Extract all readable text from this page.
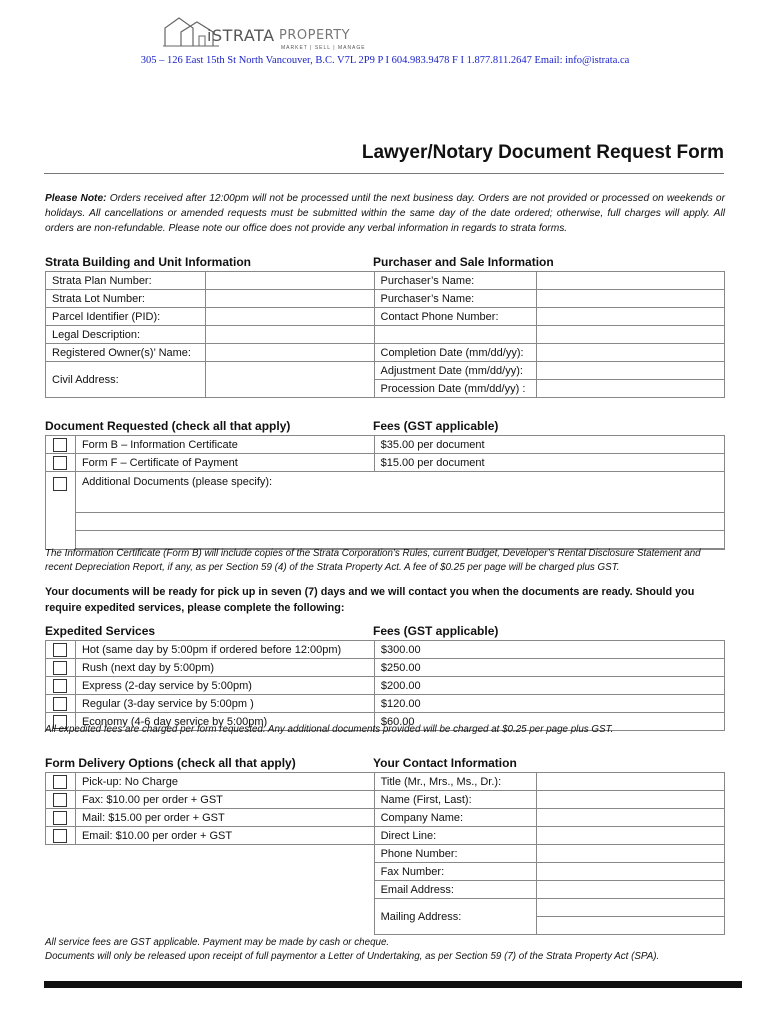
iSTRATA PROPERTY
MARKET | SELL | MANAGE
305 – 126 East 15th St North Vancouver, B.C. V7L 2P9 P I 604.983.9478 F I 1.877.811.2647 Email: info@istrata.ca
Lawyer/Notary Document Request Form
Please Note: Orders received after 12:00pm will not be processed until the next business day. Orders are not provided or processed on weekends or holidays. All cancellations or amended requests must be submitted within the same day of the date ordered; otherwise, full charges will apply. All orders are non-refundable. Please note our office does not provide any verbal information in regards to strata forms.
Strata Building and Unit Information	Purchaser and Sale Information
Strata Plan Number:		Purchaser’s Name:	
Strata Lot Number:		Purchaser’s Name:	
Parcel Identifier (PID):		Contact Phone Number:	
Legal Description:			
Registered Owner(s)’ Name:		Completion Date (mm/dd/yy):	
Civil Address:		Adjustment Date (mm/dd/yy):	
		Procession Date (mm/dd/yy) :	
Document Requested (check all that apply)	Fees (GST applicable)
	Form B – Information Certificate	$35.00 per document
	Form F – Certificate of Payment	$15.00 per document
	Additional Documents (please specify):	

The Information Certificate (Form B) will include copies of the Strata Corporation’s Rules, current Budget, Developer’s Rental Disclosure Statement and recent Depreciation Report, if any, as per Section 59 (4) of the Strata Property Act. A fee of $0.25 per page will be charged plus GST.
Your documents will be ready for pick up in seven (7) days and we will contact you when the documents are ready. Should you require expedited services, please complete the following:
Expedited Services	Fees (GST applicable)
	Hot (same day by 5:00pm if ordered before 12:00pm)	$300.00
	Rush (next day by 5:00pm)	$250.00
	Express (2-day service by 5:00pm)	$200.00
	Regular (3-day service by 5:00pm )	$120.00
	Economy (4-6 day service by 5:00pm)	$60.00
All expedited fees are charged per form requested. Any additional documents provided will be charged at $0.25 per page plus GST.
Form Delivery Options (check all that apply)	Your Contact Information
	Pick-up: No Charge	Title (Mr., Mrs., Ms., Dr.):	
	Fax: $10.00 per order + GST	Name (First, Last):	
	Mail: $15.00 per order + GST	Company Name:	
	Email: $10.00 per order + GST	Direct Line:	
		Phone Number:	
		Fax Number:	
		Email Address:	
		Mailing Address:	

All service fees are GST applicable. Payment may be made by cash or cheque.
Documents will only be released upon receipt of full paymentor a Letter of Undertaking, as per Section 59 (7) of the Strata Property Act (SPA).
